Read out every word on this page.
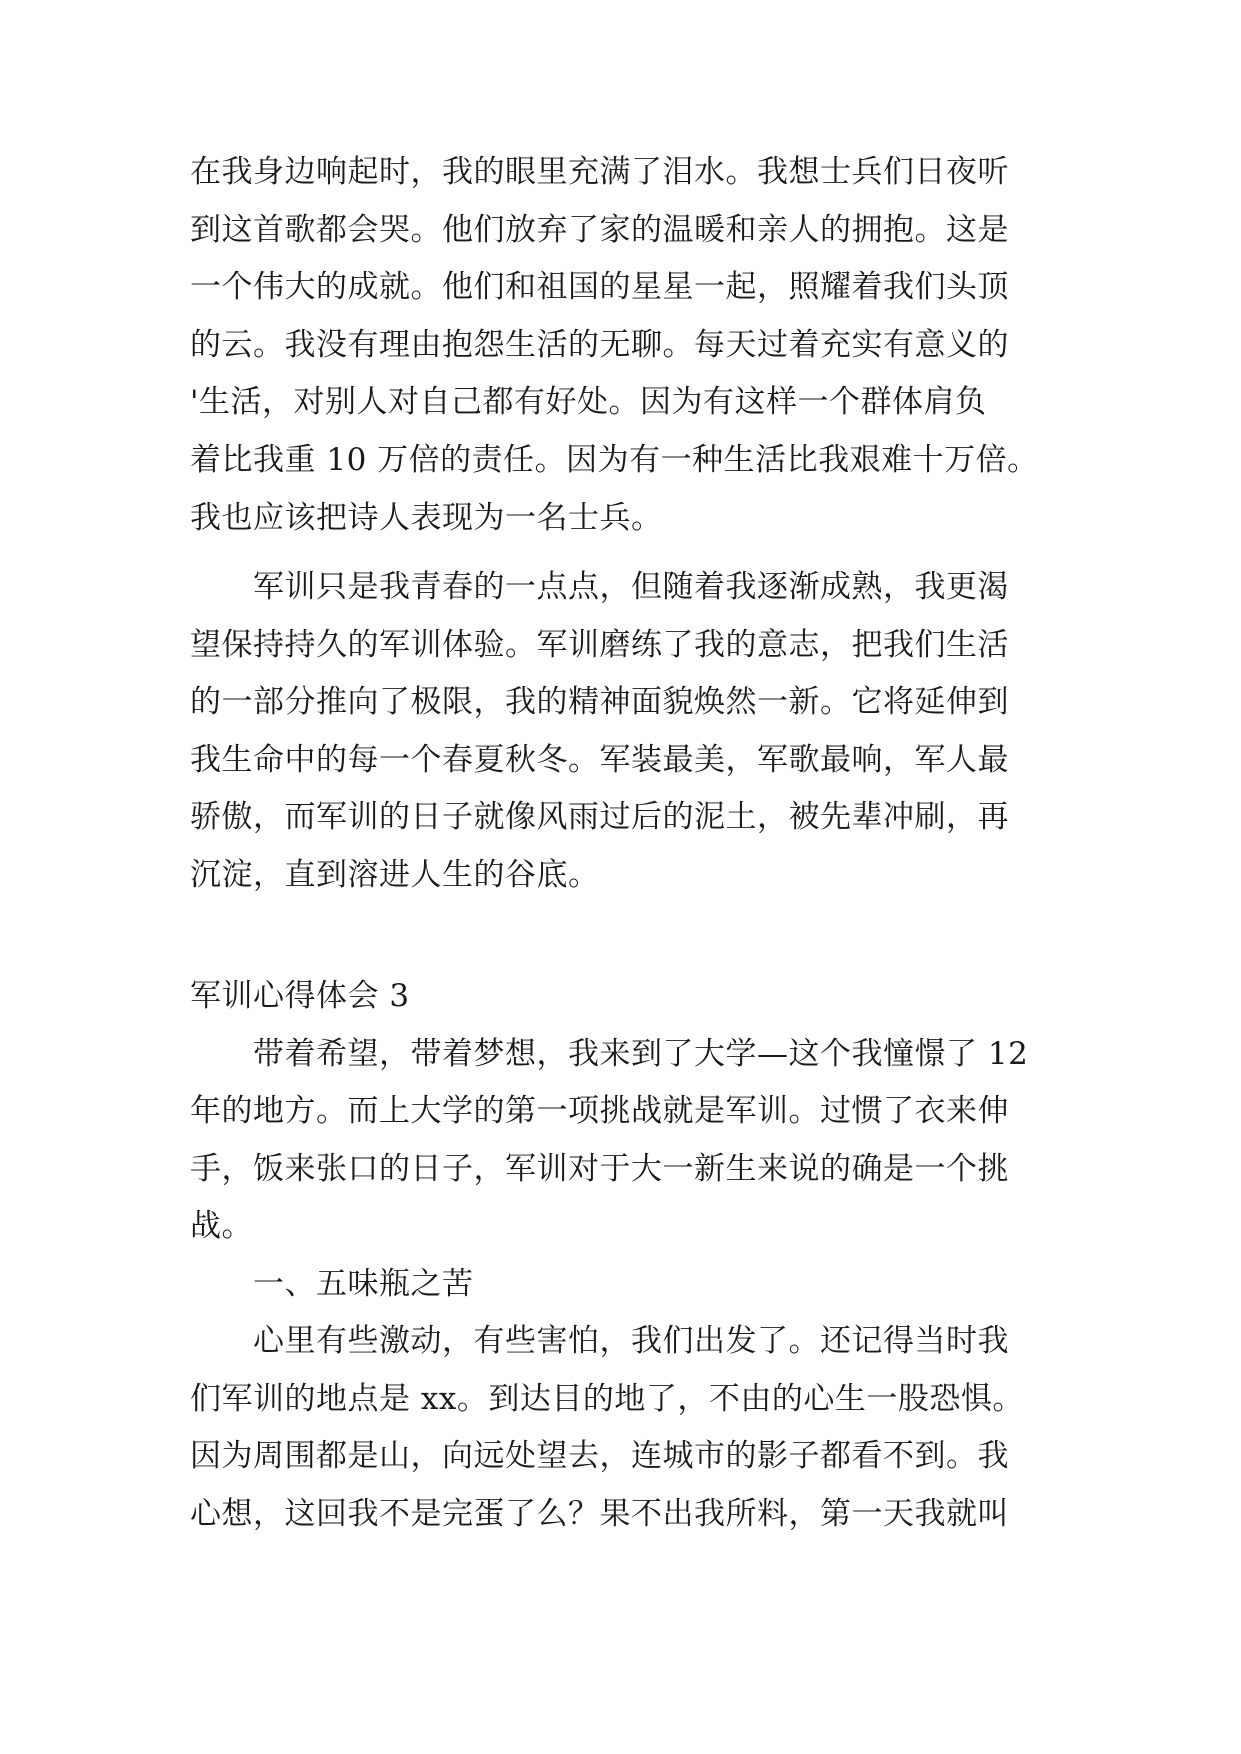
在我身边响起时，我的眼里充满了泪水。我想士兵们日夜听
到这首歌都会哭。他们放弃了家的温暖和亲人的拥抱。这是
一个伟大的成就。他们和祖国的星星一起，照耀着我们头顶
的云。我没有理由抱怨生活的无聊。每天过着充实有意义的
'生活，对别人对自己都有好处。因为有这样一个群体肩负
着比我重 10 万倍的责任。因为有一种生活比我艰难十万倍。
我也应该把诗人表现为一名士兵。
军训只是我青春的一点点，但随着我逐渐成熟，我更渴
望保持持久的军训体验。军训磨练了我的意志，把我们生活
的一部分推向了极限，我的精神面貌焕然一新。它将延伸到
我生命中的每一个春夏秋冬。军装最美，军歌最响，军人最
骄傲，而军训的日子就像风雨过后的泥土，被先辈冲刷，再
沉淀，直到溶进人生的谷底。
军训心得体会 3
带着希望，带着梦想，我来到了大学—这个我憧憬了 12
年的地方。而上大学的第一项挑战就是军训。过惯了衣来伸
手，饭来张口的日子，军训对于大一新生来说的确是一个挑
战。
一、五味瓶之苦
心里有些激动，有些害怕，我们出发了。还记得当时我
们军训的地点是 xx。到达目的地了，不由的心生一股恐惧。
因为周围都是山，向远处望去，连城市的影子都看不到。我
心想，这回我不是完蛋了么？果不出我所料，第一天我就叫
